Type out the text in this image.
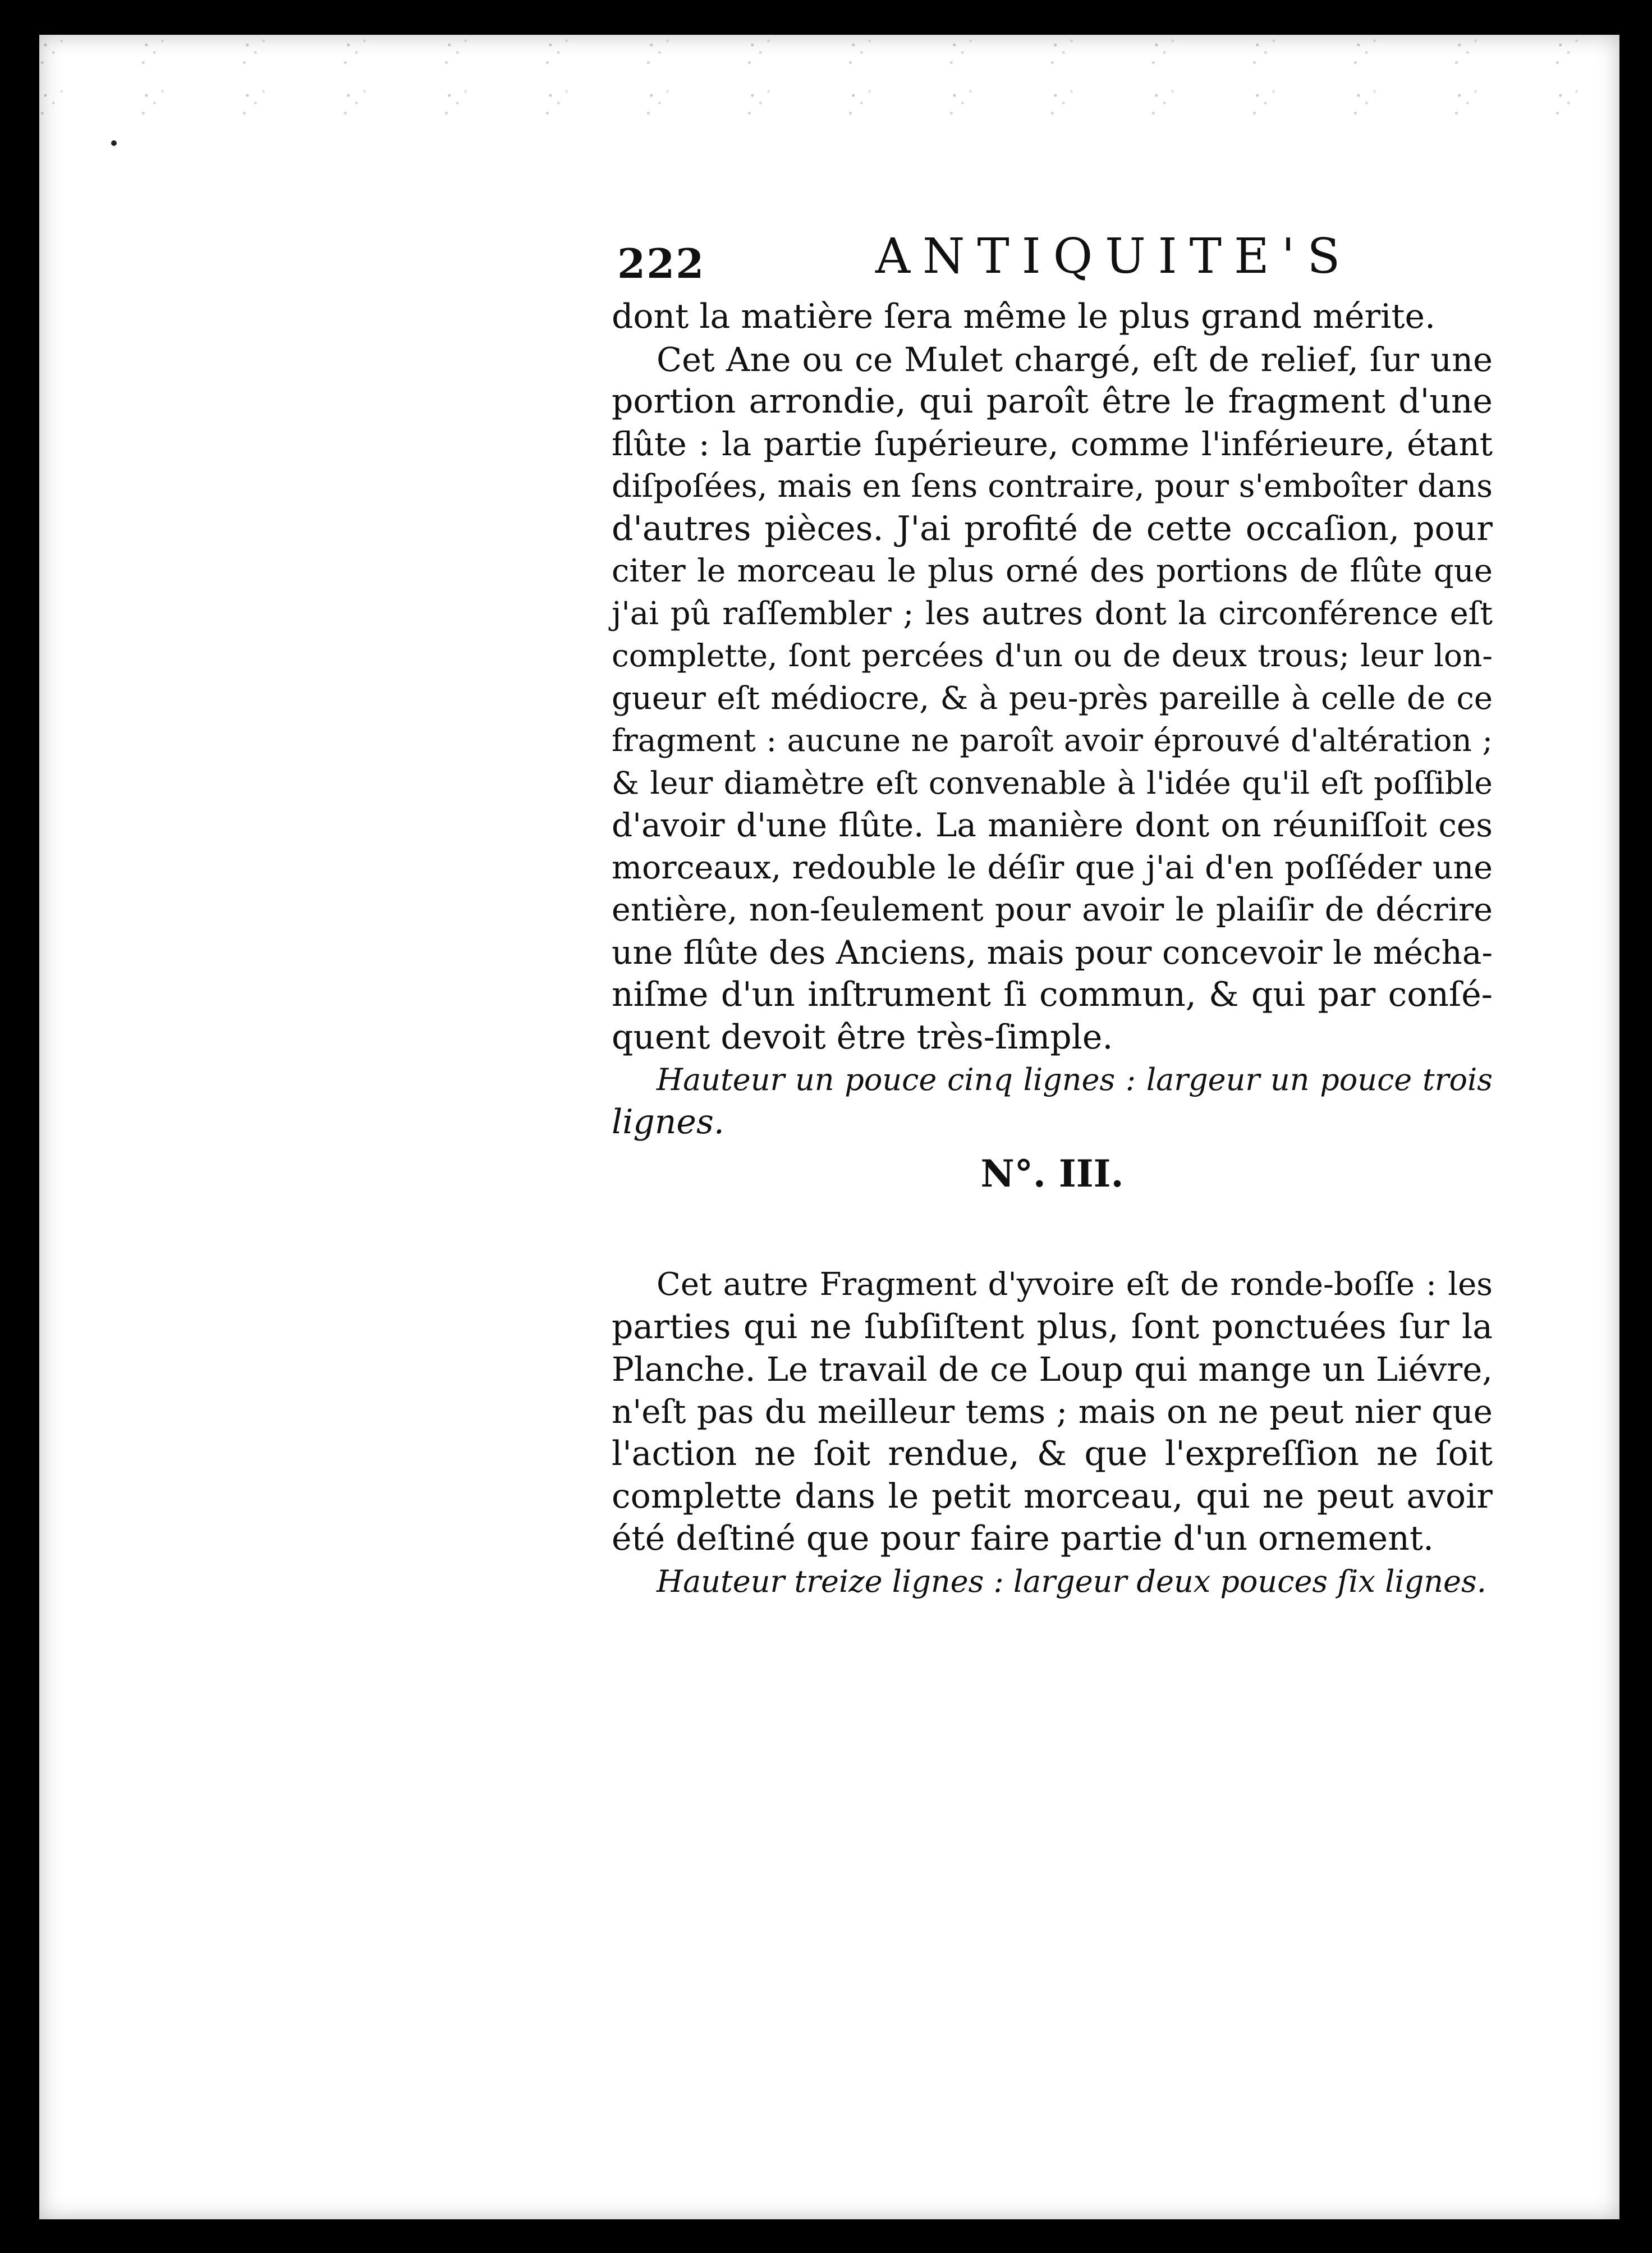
222	ANTIQUITE'S
dont la matière ſera même le plus grand mérite.
Cet Ane ou ce Mulet chargé, eſt de relief, ſur une
portion arrondie, qui paroît être le fragment d'une
flûte : la partie ſupérieure, comme l'inférieure, étant
diſpoſées, mais en ſens contraire, pour s'emboîter dans
d'autres pièces. J'ai profité de cette occaſion, pour
citer le morceau le plus orné des portions de flûte que
j'ai pû raſſembler ; les autres dont la circonférence eſt
complette, ſont percées d'un ou de deux trous; leur lon-
gueur eſt médiocre, & à peu-près pareille à celle de ce
fragment : aucune ne paroît avoir éprouvé d'altération ;
& leur diamètre eſt convenable à l'idée qu'il eſt poſſible
d'avoir d'une flûte. La manière dont on réuniſſoit ces
morceaux, redouble le déſir que j'ai d'en poſſéder une
entière, non-ſeulement pour avoir le plaiſir de décrire
une flûte des Anciens, mais pour concevoir le mécha-
niſme d'un inſtrument ſi commun, & qui par conſé-
quent devoit être très-ſimple.
Hauteur un pouce cinq lignes : largeur un pouce trois
lignes.
N°. III.
Cet autre Fragment d'yvoire eſt de ronde-boſſe : les
parties qui ne ſubſiſtent plus, ſont ponctuées ſur la
Planche. Le travail de ce Loup qui mange un Liévre,
n'eſt pas du meilleur tems ; mais on ne peut nier que
l'action ne ſoit rendue, & que l'expreſſion ne ſoit
complette dans le petit morceau, qui ne peut avoir
été deſtiné que pour faire partie d'un ornement.
Hauteur treize lignes : largeur deux pouces ſix lignes.
